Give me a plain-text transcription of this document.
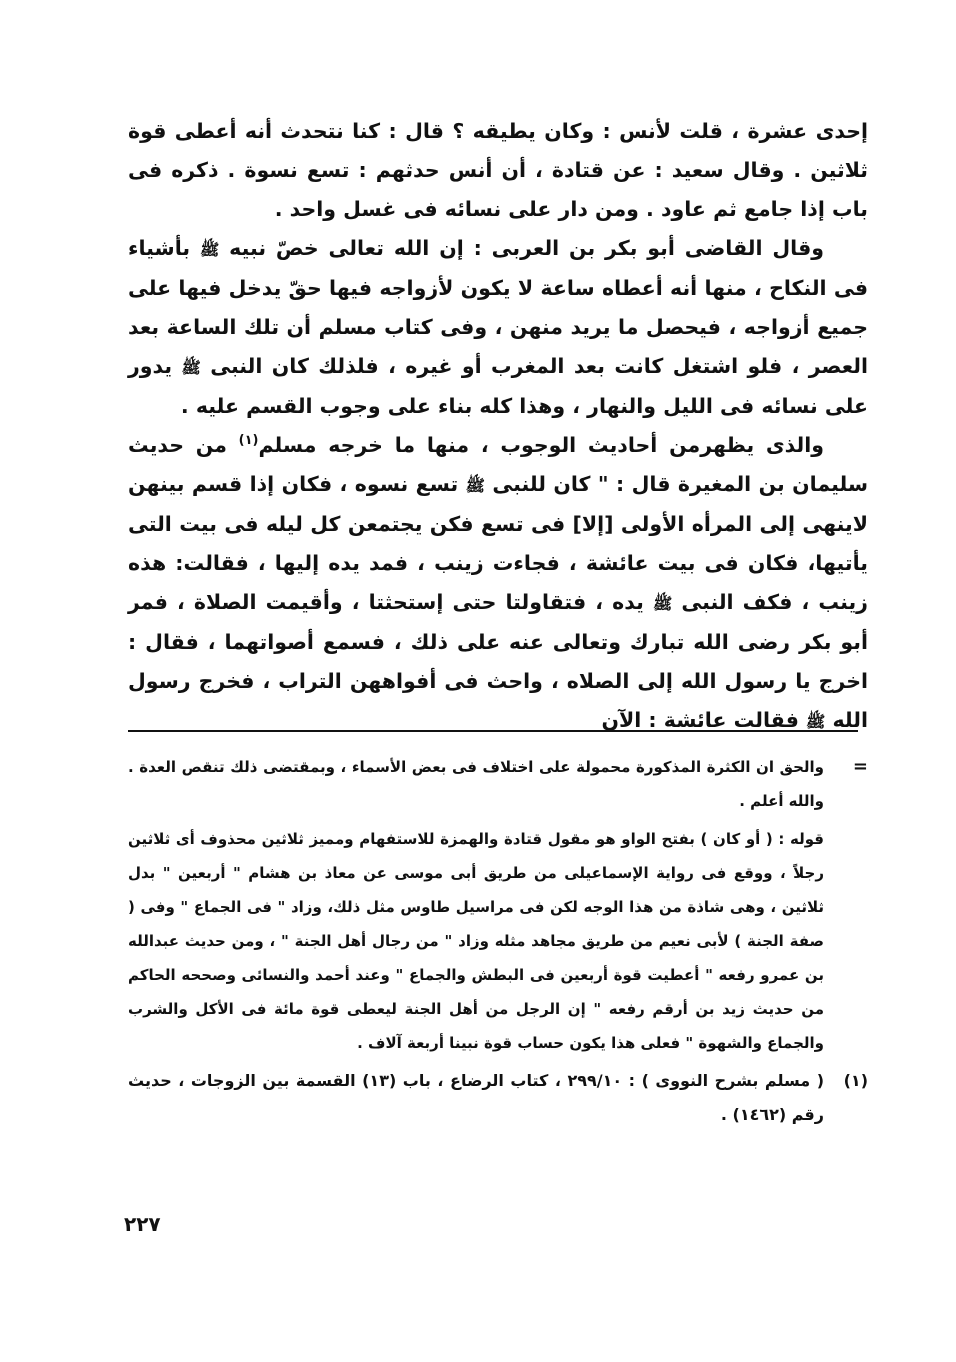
إحدى عشرة ، قلت لأنس : وكان يطيقه ؟ قال : كنا نتحدث أنه أعطى قوة ثلاثين . وقال سعيد : عن قتادة ، أن أنس حدثهم : تسع نسوة . ذكره فى باب إذا جامع ثم عاود . ومن دار على نسائه فى غسل واحد .

وقال القاضى أبو بكر بن العربى : إن الله تعالى خصّ نبيه ﷺ بأشياء فى النكاح ، منها أنه أعطاه ساعة لا يكون لأزواجه فيها حقّ يدخل فيها على جميع أزواجه ، فيحصل ما يريد منهن ، وفى كتاب مسلم أن تلك الساعة بعد العصر ، فلو اشتغل كانت بعد المغرب أو غيره ، فلذلك كان النبى ﷺ يدور على نسائه فى الليل والنهار ، وهذا كله بناء على وجوب القسم عليه .

والذى يظهرمن أحاديث الوجوب ، منها ما خرجه مسلم$^{(١)}$ من حديث سليمان بن المغيرة قال : " كان للنبى ﷺ تسع نسوه ، فكان إذا قسم بينهن لاينهى إلى المرأه الأولى [إلا] فى تسع فكن يجتمعن كل ليله فى بيت التى يأتيها، فكان فى بيت عائشة ، فجاءت زينب ، فمد يده إليها ، فقالت: هذه زينب ، فكف النبى ﷺ يده ، فتقاولتا حتى إستحثتا ، وأقيمت الصلاة ، فمر أبو بكر رضى الله تبارك وتعالى عنه على ذلك ، فسمع أصواتهما ، فقال : اخرج يا رسول الله إلى الصلاه ، واحث فى أفواههن التراب ، فخرج رسول الله ﷺ فقالت عائشة : الآن

=

والحق ان الكثرة المذكورة محمولة على اختلاف فى بعض الأسماء ، وبمقتضى ذلك تنقص العدة . والله أعلم .

قوله : ( أو كان ) بفتح الواو هو مقول قتادة والهمزة للاستفهام ومميز ثلاثين محذوف أى ثلاثين رجلاً ، ووقع فى رواية الإسماعيلى من طريق أبى موسى عن معاذ بن هشام " أربعين " بدل ثلاثين ، وهى شاذة من هذا الوجه لكن فى مراسيل طاوس مثل ذلك، وزاد " فى الجماع " وفى ( صفة الجنة ) لأبى نعيم من طريق مجاهد مثله وزاد " من رجال أهل الجنة " ، ومن حديث عبدالله بن عمرو رفعه " أعطيت قوة أربعين فى البطش والجماع " وعند أحمد والنسائى وصححه الحاكم من حديث زيد بن أرقم رفعه " إن الرجل من أهل الجنة ليعطى قوة مائة فى الأكل والشرب والجماع والشهوة " فعلى هذا يكون حساب قوة نبينا أربعة آلاف .

(١)
( مسلم بشرح النووى ) : ٢٩٩/١٠ ، كتاب الرضاع ، باب (١٣) القسمة بين الزوجات ، حديث رقم (١٤٦٢) .
٢٢٧
